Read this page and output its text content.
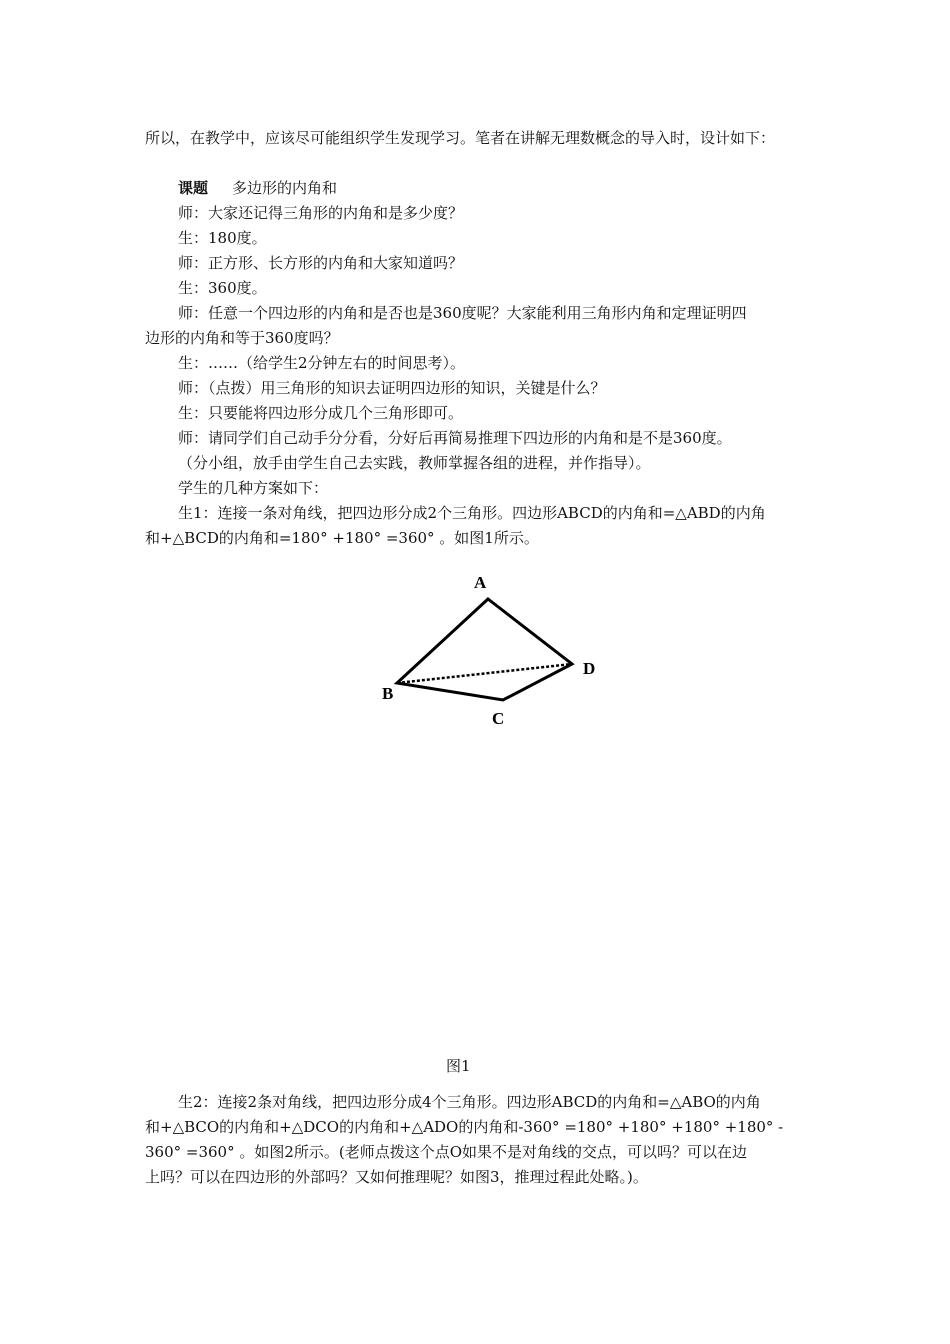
所以，在教学中，应该尽可能组织学生发现学习。笔者在讲解无理数概念的导入时，设计如下：

课题 多边形的内角和

师：大家还记得三角形的内角和是多少度？

生：180度。

师：正方形、长方形的内角和大家知道吗？

生：360度。

师：任意一个四边形的内角和是否也是360度呢？大家能利用三角形内角和定理证明四

边形的内角和等于360度吗？

生：……（给学生2分钟左右的时间思考）。

师：（点拨）用三角形的知识去证明四边形的知识，关键是什么？

生：只要能将四边形分成几个三角形即可。

师：请同学们自己动手分分看，分好后再简易推理下四边形的内角和是不是360度。

（分小组，放手由学生自己去实践，教师掌握各组的进程，并作指导）。

学生的几种方案如下：

生1：连接一条对角线，把四边形分成2个三角形。四边形ABCD的内角和=△ABD的内角

和+△BCD的内角和=180° +180° =360° 。如图1所示。

A
B
C
D
图1

生2：连接2条对角线，把四边形分成4个三角形。四边形ABCD的内角和=△ABO的内角

和+△BCO的内角和+△DCO的内角和+△ADO的内角和-360° =180° +180° +180° +180° -

360° =360° 。如图2所示。(老师点拨这个点O如果不是对角线的交点，可以吗？可以在边

上吗？可以在四边形的外部吗？又如何推理呢？如图3，推理过程此处略。)。
